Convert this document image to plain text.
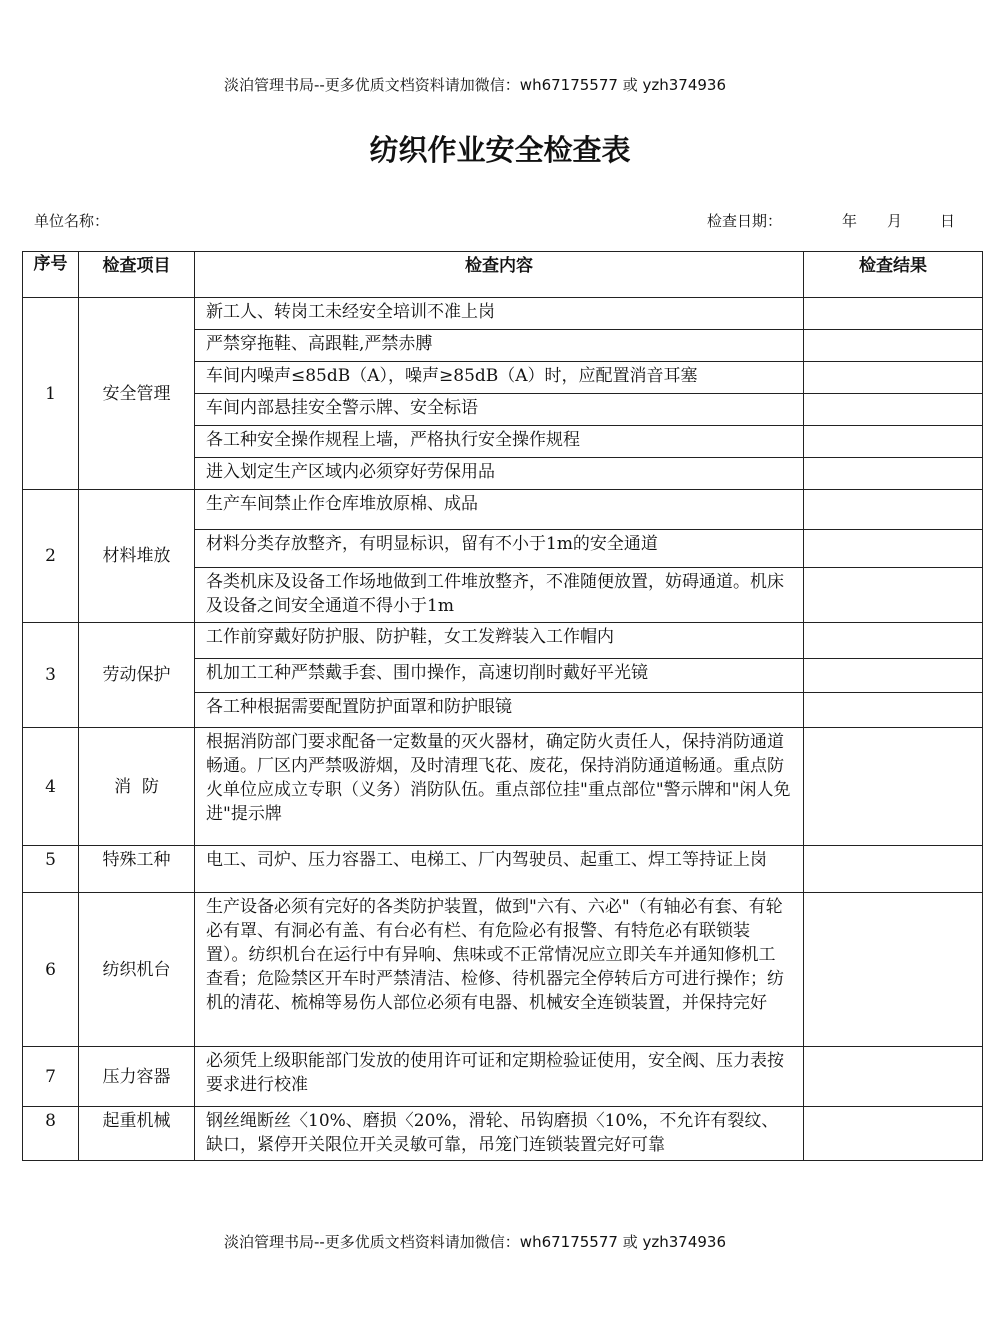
淡泊管理书局--更多优质文档资料请加微信：wh67175577 或 yzh374936
纺织作业安全检查表
单位名称：	检查日期：	年 月	日
序号	检查项目	检查内容	检查结果
1	安全管理	新工人、转岗工未经安全培训不准上岗	
		严禁穿拖鞋、高跟鞋,严禁赤膊	
		车间内噪声≤85dB（A），噪声≥85dB（A）时，应配置消音耳塞	
		车间内部悬挂安全警示牌、安全标语	
		各工种安全操作规程上墙，严格执行安全操作规程	
		进入划定生产区域内必须穿好劳保用品	
2	材料堆放	生产车间禁止作仓库堆放原棉、成品	
		材料分类存放整齐，有明显标识，留有不小于1m的安全通道	
		各类机床及设备工作场地做到工件堆放整齐，不准随便放置，妨碍通道。机床及设备之间安全通道不得小于1m	
3	劳动保护	工作前穿戴好防护服、防护鞋，女工发辫装入工作帽内	
		机加工工种严禁戴手套、围巾操作，高速切削时戴好平光镜	
		各工种根据需要配置防护面罩和防护眼镜	
4	消  防	根据消防部门要求配备一定数量的灭火器材，确定防火责任人，保持消防通道畅通。厂区内严禁吸游烟，及时清理飞花、废花，保持消防通道畅通。重点防火单位应成立专职（义务）消防队伍。重点部位挂"重点部位"警示牌和"闲人免进"提示牌	
5	特殊工种	电工、司炉、压力容器工、电梯工、厂内驾驶员、起重工、焊工等持证上岗	
6	纺织机台	生产设备必须有完好的各类防护装置，做到"六有、六必"（有轴必有套、有轮必有罩、有洞必有盖、有台必有栏、有危险必有报警、有特危必有联锁装置）。纺织机台在运行中有异响、焦味或不正常情况应立即关车并通知修机工查看；危险禁区开车时严禁清洁、检修、待机器完全停转后方可进行操作；纺机的清花、梳棉等易伤人部位必须有电器、机械安全连锁装置，并保持完好	
7	压力容器	必须凭上级职能部门发放的使用许可证和定期检验证使用，安全阀、压力表按要求进行校准	
8	起重机械	钢丝绳断丝〈10%、磨损〈20%，滑轮、吊钩磨损〈10%，不允许有裂纹、缺口，紧停开关限位开关灵敏可靠，吊笼门连锁装置完好可靠	
淡泊管理书局--更多优质文档资料请加微信：wh67175577 或 yzh374936
